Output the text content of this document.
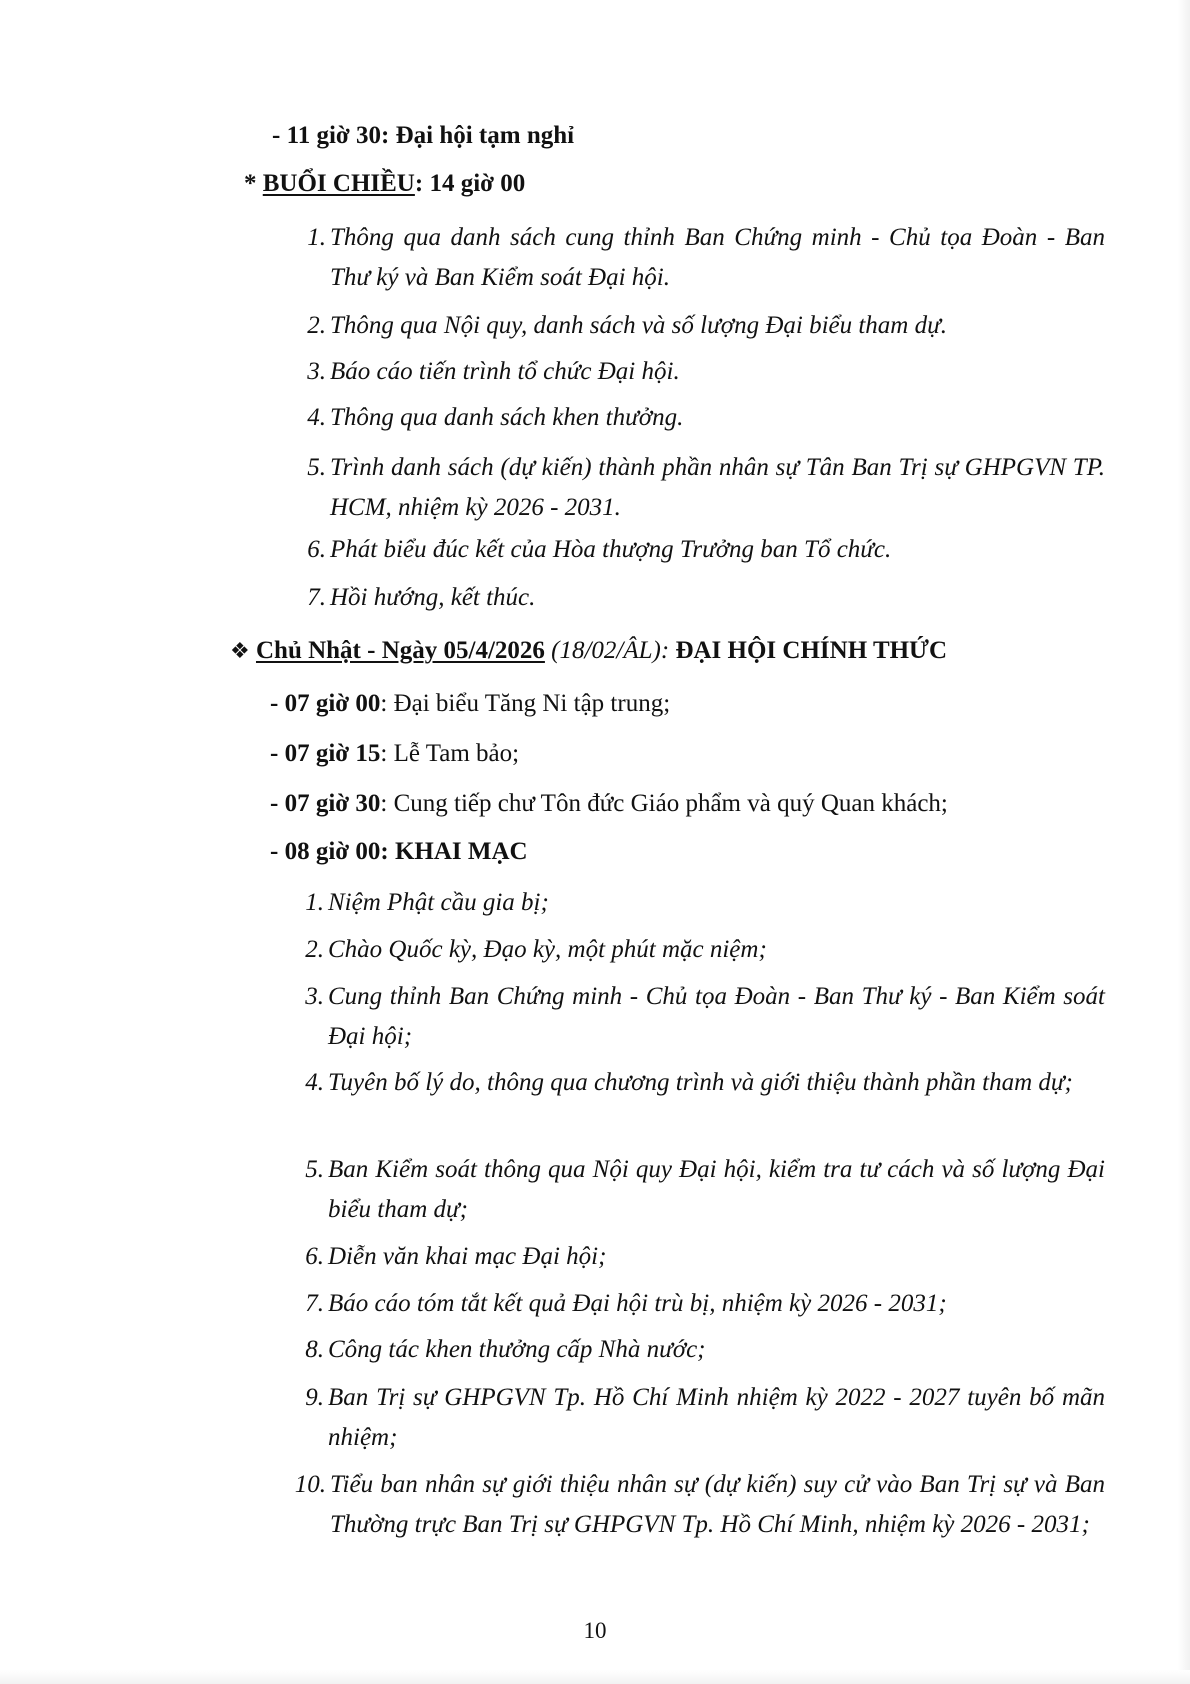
- 11 giờ 30: Đại hội tạm nghỉ
* BUỔI CHIỀU: 14 giờ 00
1. Thông qua danh sách cung thỉnh Ban Chứng minh - Chủ tọa Đoàn - Ban Thư ký và Ban Kiểm soát Đại hội.
2. Thông qua Nội quy, danh sách và số lượng Đại biểu tham dự.
3. Báo cáo tiến trình tổ chức Đại hội.
4. Thông qua danh sách khen thưởng.
5. Trình danh sách (dự kiến) thành phần nhân sự Tân Ban Trị sự GHPGVN TP. HCM, nhiệm kỳ 2026 - 2031.
6. Phát biểu đúc kết của Hòa thượng Trưởng ban Tổ chức.
7. Hồi hướng, kết thúc.
❖ Chủ Nhật - Ngày 05/4/2026 (18/02/ÂL): ĐẠI HỘI CHÍNH THỨC
- 07 giờ 00: Đại biểu Tăng Ni tập trung;
- 07 giờ 15: Lễ Tam bảo;
- 07 giờ 30: Cung tiếp chư Tôn đức Giáo phẩm và quý Quan khách;
- 08 giờ 00: KHAI MẠC
1. Niệm Phật cầu gia bị;
2. Chào Quốc kỳ, Đạo kỳ, một phút mặc niệm;
3. Cung thỉnh Ban Chứng minh - Chủ tọa Đoàn - Ban Thư ký - Ban Kiểm soát Đại hội;
4. Tuyên bố lý do, thông qua chương trình và giới thiệu thành phần tham dự;
5. Ban Kiểm soát thông qua Nội quy Đại hội, kiểm tra tư cách và số lượng Đại biểu tham dự;
6. Diễn văn khai mạc Đại hội;
7. Báo cáo tóm tắt kết quả Đại hội trù bị, nhiệm kỳ 2026 - 2031;
8. Công tác khen thưởng cấp Nhà nước;
9. Ban Trị sự GHPGVN Tp. Hồ Chí Minh nhiệm kỳ 2022 - 2027 tuyên bố mãn nhiệm;
10. Tiểu ban nhân sự giới thiệu nhân sự (dự kiến) suy cử vào Ban Trị sự và Ban Thường trực Ban Trị sự GHPGVN Tp. Hồ Chí Minh, nhiệm kỳ 2026 - 2031;
10
